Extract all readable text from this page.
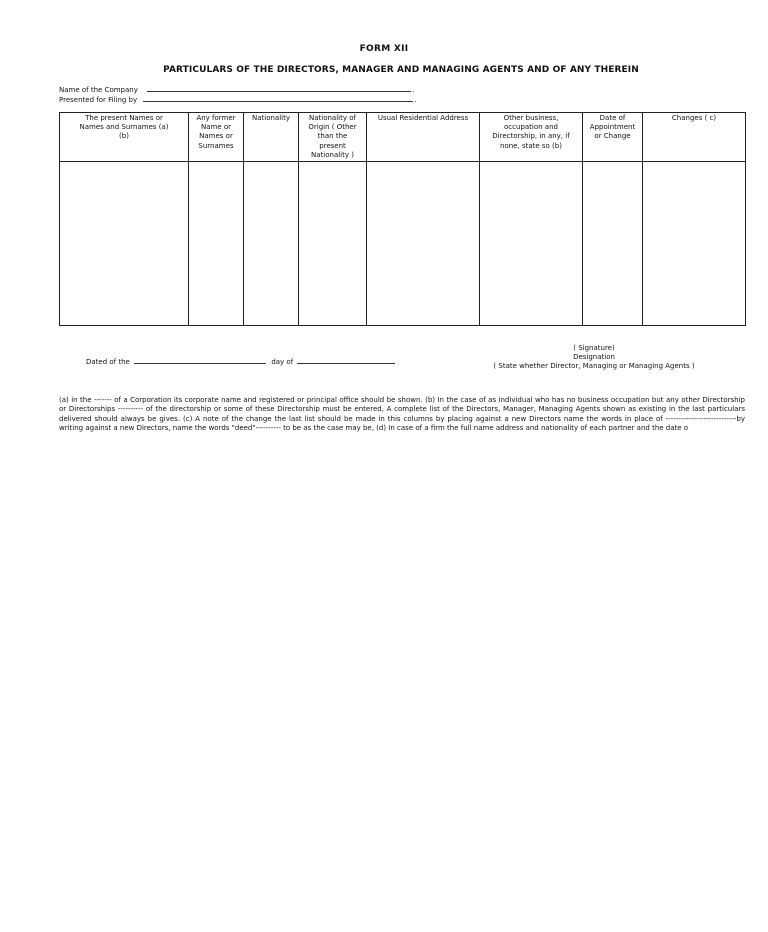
FORM XII
PARTICULARS OF THE DIRECTORS, MANAGER AND MANAGING AGENTS AND OF ANY THEREIN
Name of the Company	.
Presented for Filing by	.
The present Names or Names and Surnames (a) (b)	Any former Name or Names or Surnames	Nationality	Nationality of Origin ( Other than the present Nationality )	Usual Residential Address	Other business, occupation and Directorship, in any, if none, state so (b)	Date of Appointment or Change	Changes ( c)

( Signature)
Designation
( State whether Director, Managing or Managing Agents )
Dated of the	day of
(a) in the ------- of a Corporation its corporate name and registered or principal office should be shown. (b) In the case of as individual who has no business occupation but any other Directorship or Directorships ---------- of the directorship or some of these Directorship must be entered, A complete list of the Directors, Manager, Managing Agents shown as existing in the last particulars delivered should always be gives. (c) A note of the change the last list should be made in this columns by placing against a new Directors name the words in place of ----------------------------by writing against a new Directors, name the words "deed"---------- to be as the case may be, (d) In case of a firm the full name address and nationality of each partner and the date o
